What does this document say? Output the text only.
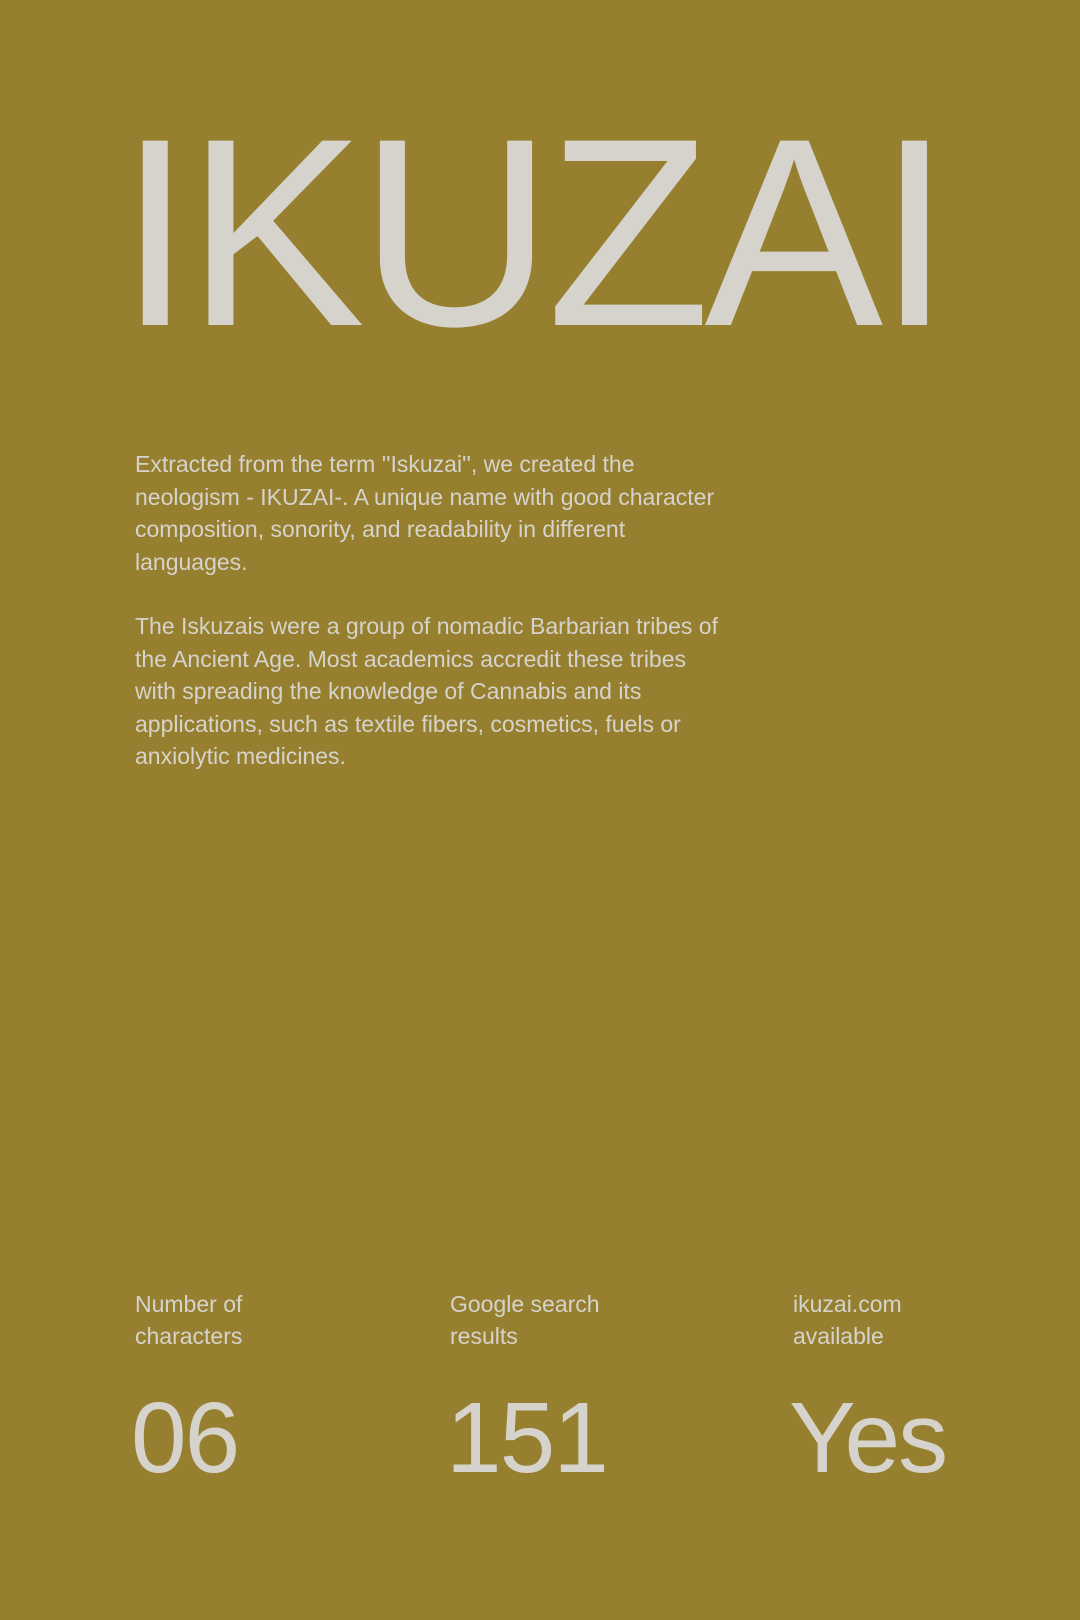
IKUZAI

Extracted from the term ''Iskuzai'', we created the neologism - IKUZAI-. A unique name with good character composition, sonority, and readability in different languages.

The Iskuzais were a group of nomadic Barbarian tribes of the Ancient Age. Most academics accredit these tribes with spreading the knowledge of Cannabis and its applications, such as textile fibers, cosmetics, fuels or anxiolytic medicines.

Number of
characters
06
Google search
results
151
ikuzai.com
available
Yes
